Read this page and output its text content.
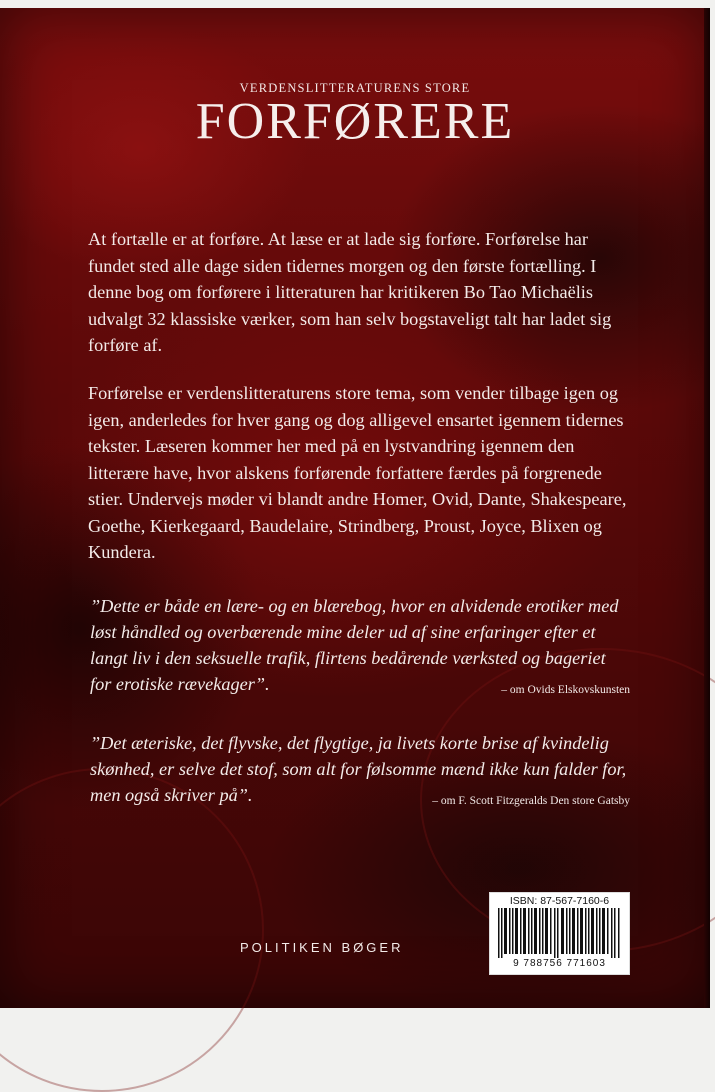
VERDENSLITTERATURENS STORE
FORFØRERE

At fortælle er at forføre. At læse er at lade sig forføre. Forførelse har fundet sted alle dage siden tidernes morgen og den første fortælling. I denne bog om forførere i litteraturen har kritikeren Bo Tao Michaëlis udvalgt 32 klassiske værker, som han selv bogstaveligt talt har ladet sig forføre af.

Forførelse er verdenslitteraturens store tema, som vender tilbage igen og igen, anderledes for hver gang og dog alligevel ensartet igennem tidernes tekster. Læseren kommer her med på en lystvandring igennem den litterære have, hvor alskens forførende forfattere færdes på forgrenede stier. Undervejs møder vi blandt andre Homer, Ovid, Dante, Shakespeare, Goethe, Kierkegaard, Baudelaire, Strindberg, Proust, Joyce, Blixen og Kundera.

”Dette er både en lære- og en blærebog, hvor en alvidende erotiker med løst håndled og overbærende mine deler ud af sine erfaringer efter et langt liv i den seksuelle trafik, flirtens bedårende værksted og bageriet for erotiske rævekager”.	– om Ovids Elskovskunsten
”Det æteriske, det flyvske, det flygtige, ja livets korte brise af kvindelig skønhed, er selve det stof, som alt for følsomme mænd ikke kun falder for, men også skriver på”.	– om F. Scott Fitzgeralds Den store Gatsby
POLITIKEN BØGER
ISBN: 87-567-7160-6
9 788756 771603
